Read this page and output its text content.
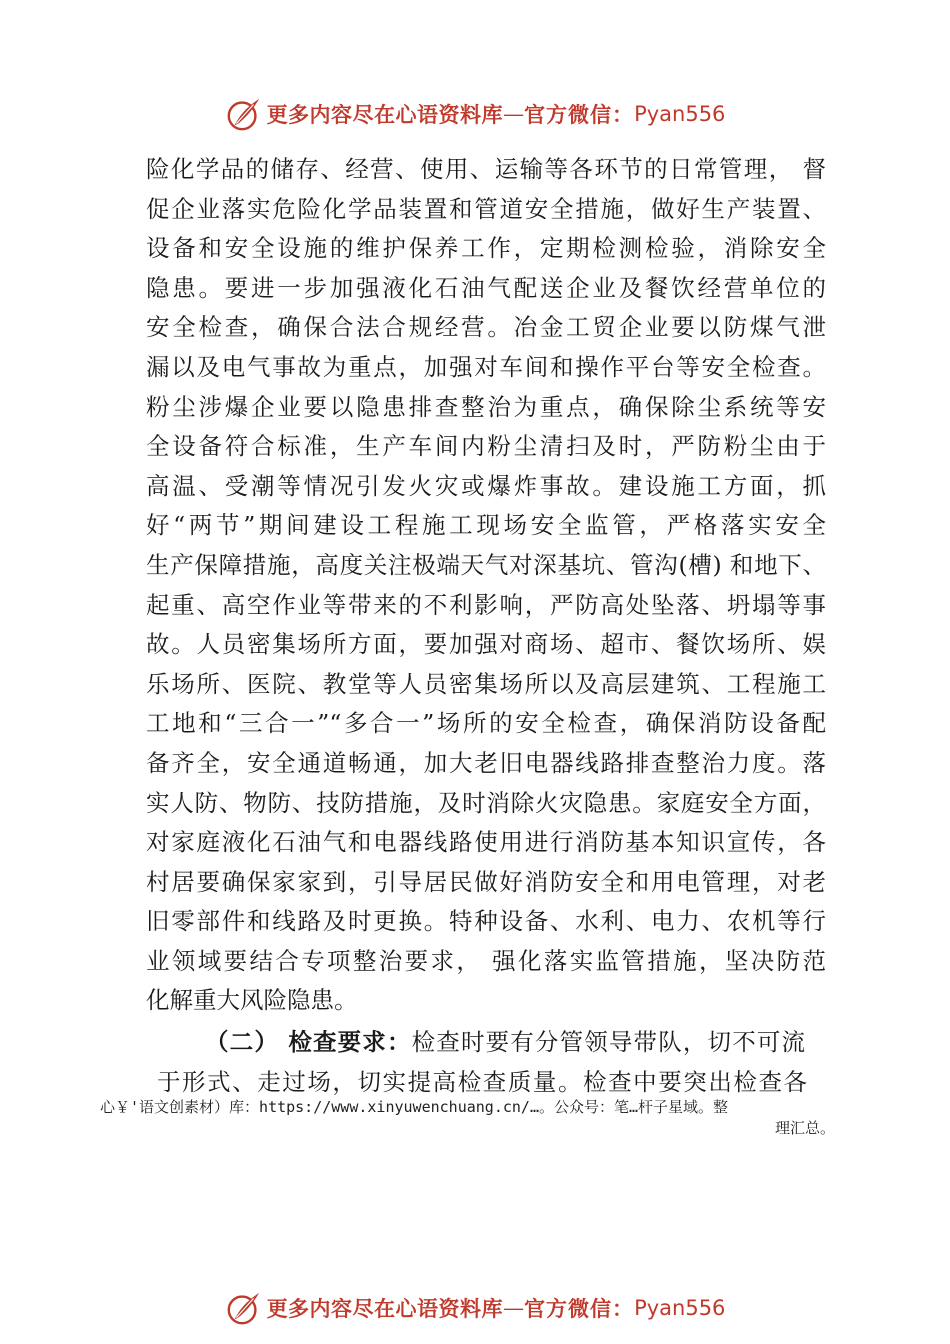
更多内容尽在心语资料库 — 官方微信： Pyan556
险化学品的储存、经营、使用、运输等各环节的日常管理， 督
促企业落实危险化学品装置和管道安全措施，做好生产装置、
设备和安全设施的维护保养工作，定期检测检验，消除安全
隐患。要进一步加强液化石油气配送企业及餐饮经营单位的
安全检查，确保合法合规经营。冶金工贸企业要以防煤气泄
漏以及电气事故为重点，加强对车间和操作平台等安全检查。
粉尘涉爆企业要以隐患排查整治为重点，确保除尘系统等安
全设备符合标准，生产车间内粉尘清扫及时，严防粉尘由于
高温、受潮等情况引发火灾或爆炸事故。建设施工方面，抓
好“两节”期间建设工程施工现场安全监管，严格落实安全
生产保障措施，高度关注极端天气对深基坑、管沟(槽) 和地下、
起重、高空作业等带来的不利影响，严防高处坠落、坍塌等事
故。人员密集场所方面，要加强对商场、超市、餐饮场所、娱
乐场所、医院、教堂等人员密集场所以及高层建筑、工程施工
工地和“三合一”“多合一”场所的安全检查，确保消防设备配
备齐全，安全通道畅通，加大老旧电器线路排查整治力度。落
实人防、物防、技防措施，及时消除火灾隐患。家庭安全方面，
对家庭液化石油气和电器线路使用进行消防基本知识宣传，各
村居要确保家家到，引导居民做好消防安全和用电管理，对老
旧零部件和线路及时更换。特种设备、水利、电力、农机等行
业领域要结合专项整治要求， 强化落实监管措施，坚决防范
化解重大风险隐患。
（二） 检查要求：检查时要有分管领导带队，切不可流
于形式、走过场，切实提高检查质量。检查中要突出检查各
心￥'语文创素材）库：https://www.xinyuwenchuang.cn/…。公众号：笔…杆子星域。整
理汇总。
更多内容尽在心语资料库 — 官方微信： Pyan556
